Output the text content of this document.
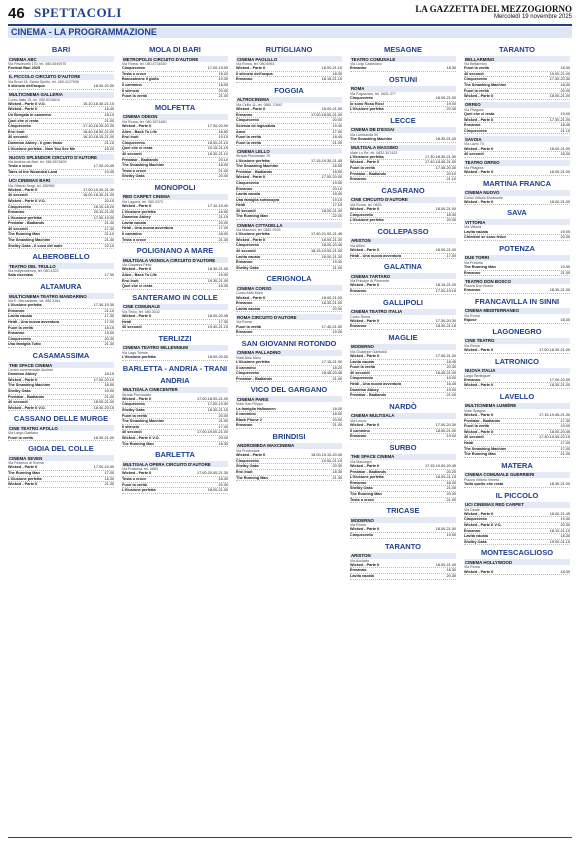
46 SPETTACOLI	LA GAZZETTA DEL MEZZOGIORNO
Mercoledì 19 novembre 2025
CINEMA - LA PROGRAMMAZIONE
BARI
CINEMA ABC
Via Pavoncelli 170, tel. 080.5540975
Festival Bari 2025
IL PICCOLO CIRCUITO D'AUTORE
Via Bruni 18, Santo Spirito, tel. 080.4127698
Il silenzio dell'acqua	18.00-20.30
MULTICINEMA GALLERIA
Corso Italia 15, tel. 080.5216610
Wicked - Parte II V.O.	15.10-18.30-21.15
Wicked - Parte II	16.40
Un Bengala in cammino	18.10
Quel che ci resta	21.00
Cinquecento	17.10-18.25-20.30
Eroi Inuit	18.40-18.50-21.00
40 secondi	16.10-18.15-21.00
Downton Abbey - Il gran finale	21.15
L'illusione perfetta - Now You See Me	18.20
NUOVO SPLENDOR CIRCUITO D'AUTORE
Via Andrea da Bari, tel. 080.5576600
Testa o croce	17.00-20.45
Tales of the Wounded Land	19.45
UCI CINEMAS BARI
Via Ottavio Sergi, tel. 892960
Wicked - Parte II	17.00-19.20-21.30
40 secondi	16.00-18.30-21.00
Wicked - Parte II V.O.	20.10
Cinquecento	16.10-18.20
Ermanno	20.10-21.00
L'illusione perfetta	17.00-19.30
Predator - Badlands	21.40
40 secondi	17.30
The Running Man	21.10
The Smashing Machine	21.40
Shelby Oaks - Il covo del male	22.10
ALBEROBELLO
TEATRO DEL TRULLO
Via Indipendenza, tel. 080.4323
Sala riservata	17.30
ALTAMURA
MULTICINEMA TEATRO MANDARINO
Via E. Mercadante, tel. 080.3164
L'illusione perfetta	17.30-19.30
Ermanno	21.10
Lavita vacata	17.30
Heidi - Una nuova avventura	17.00
Fuori la verità	18.15
Ermanno	19.00
Cinquecento	20.30
Una famiglia Tutto	21.30
CASAMASSIMA
THE SPACE CINEMA
Centro commerciale Auchan
Downton Abbey	18.15
Wicked - Parte II	17.00-20.10
The Smashing Machine	18.50
Shelby Oaks	19.00
Predator - Badlands	21.00
40 secondi	18.00-21.00
Wicked - Parte II V.O.	18.40-20.15
CASSANO DELLE MURGE
CINE TEATRO APOLLO
Via Largo Gaetano
Fuori la verità	18.30-21.00
GIOIA DEL COLLE
CINEMA SEVEN
Via Federico di Svevia
Wicked - Parte II	17.00-19.30
The Running Man	17.00
L'illusione perfetta	18.30
Wicked - Parte II	21.30
MOLA DI BARI
METROPOLIS CIRCUITO D'AUTORE
Via Roma, tel. 080.4734530
Cinquecento	17.00-19.00
Testa o croce	18.20
Brancaleone il giallo	19.30
Il cammino	18.00
Il silenzio	20.00
Fuori la verità	21.00
MOLFETTA
CINEMA ODEON
Via Roma, tel. 080.3974460
Wicked - Parte II	17.00-20.00
Alien - Back To Life	18.50
Eroi Inuit	19.10
Cinquecento	18.00-21.10
Quel che ci resta	19.15-21.15
40 secondi	16.30-21.10
Predator - Badlands	20.10
The Smashing Machine	18.00
Testa o croce	21.00
Shelby Oaks	20.40
MONOPOLI
RED CARPET CINEMA
Via Lagorio, tel. 080.9373
Wicked - Parte II	17.10-19.40
L'illusione perfetta	18.50
Downton Abbey	21.15
Lavita vacata	20.00
Heidi - Una nuova avventura	17.00
Il cammino	18.00
Testa o croce	21.30
POLIGNANO A MARE
MULTISALA VIGNOLA CIRCUITO D'AUTORE
Via Giovanni Pinto
Wicked - Parte II	18.30-21.00
Alien - Back To Life	19.00
Eroi Inuit	19.30-21.00
Quel che ci resta	18.30
SANTERAMO IN COLLE
CINE COMUNALE
Via Tirolo, tel. 080.3032
Wicked - Parte II	18.00-20.45
Heidi	17.30
40 secondi	19.40-21.15
TERLIZZI
CINEMA TEATRO MILLENNIUM
Via Lago Trieste
L'illusione perfetta	18.00-20.30
BARLETTA - ANDRIA - TRANI
ANDRIA
MULTISALA CINECENTER
Strada Provinciale
Wicked - Parte II	17.00-18.00-21.00
Cinquecento	17.00-19.30
Shelby Oaks	18.30-21.15
Fuori la verità	20.00
The Smashing Machine	21.00
Il silenzio	17.40
40 secondi	17.00-19.00-21.00
Wicked - Parte II V.O.	20.00
The Running Man	18.30
BARLETTA
MULTISALA OPERA CIRCUITO D'AUTORE
Via Prascina, tel. 0883
Wicked - Parte II	17.00-20.00-21.30
Testa o croce	18.30
Fuori la verità	20.30
L'illusione perfetta	18.00-21.00
RUTIGLIANO
CINEMA PAOLILLO
Via Roma, tel. 080.6951
Wicked - Parte II	18.00-21.15
Il silenzio dell'acqua	18.30
Ermanno	18.15-21.15
FOGGIA
ALTROCINEMA
Via Cirillo 11, tel. 0881.70847
Wicked - Parte II	18.00-21.00
Ermanno	17.00-18.00-21.00
Cinquecento	20.00
Scienza ed ingiustizia	19.40
Amoi	17.00
Fuori la verità	18.45
Fuori la verità	21.00
CINEMA LELLO
Strada Provinciale 70
L'illusione perfetta	17.15-19.30-21.45
The Smashing Machine	16.55
Predator - Badlands	18.50
Wicked - Parte II	17.00-20.00
Cinquecento	19.50
Ermanno	20.10
Lavita vacata	18.40
Una famiglia sottosopra	19.15
Heidi	17.15
40 secondi	18.00-21.30
The Running Man	22.00
CINEMA CITTADELLA
Via Manzoni, tel. 0881.9325
L'illusione perfetta	17.40-21.00-21.45
Wicked - Parte II	18.00-21.30
Cinquecento	18.20-20.45
40 secondi	18.15-19.00-21.30
Lavita vacata	18.00-21.30
Ermanno	19.30
Shelby Oaks	21.00
CERIGNOLA
CINEMA CORSO
Corso Aldo Moro
Wicked - Parte II	18.00-21.00
Ermanno	18.30-21.00
Lavita vacata	20.30
ROMA CIRCUITO D'AUTORE
Via Roma
Fuori la verità	17.40-21.50
Ermanno	19.30
SAN GIOVANNI ROTONDO
CINEMA PALLADINO
Viale Aldo Moro
L'illusione perfetta	17.15-21.00
Il cammino	18.20
Cinquecento	18.45-20.45
Predator - Badlands	21.00
VICO DEL GARGANO
CINEMA PARIS
Viale San Filippo
La famiglia Halloween	18.00
Il cammino	18.00
Black Phone 2	20.00
Ermanno	21.00
BRINDISI
ANDROMEDA MAXCINEMA
Via Provinciale
Wicked - Parte II	18.00-19.10-20.40
Cinquecento	19.00-21.15
Shelby Oaks	20.30
Eroi Inuit	18.30
The Running Man	21.30
MESAGNE
TEATRO COMUNALE
Via Luigi Castellano
Ermanno	18.30
OSTUNI
ROMA
Via Fogazzaro, tel. 0831.377
Cinquecento	18.00-21.00
Io sono Rosa Ricci	19.00
L'illusione perfetta	20.30
LECCE
CINEMA DB D'ESSAI
Via Lombardia 50
The Smashing Machine	18.30-21.00
MULTISALA MASSIMO
Viale Lo Re, tel. 0832.307433
L'illusione perfetta	17.30-18.30-21.30
Wicked - Parte II	17.40-18.40-21.00
Fuori la verità	17.45-20.30
Predator - Badlands	20.10
Ermanno	21.10
CASARANO
CINE CIRCUITO D'AUTORE
Via Roma, tel. 0833
Wicked - Parte II	18.00-21.00
Cinquecento	18.30
L'illusione perfetta	20.30
COLLEPASSO
ARISTON
Via Alfieri
Wicked - Parte II	18.00-21.00
Heidi - Una nuova avventura	17.00
GALATINA
CINEMA TARTARO
Via Principe di Piemonte
Wicked - Parte II	18.15-21.00
Ermanno	17.00-19.15
GALLIPOLI
CINEMA TEATRO ITALIA
Corso Roma
Wicked - Parte II	17.30-20.30
Ermanno	18.30-21.15
MAGLIE
MODERNO
Via Giuseppe Garibaldi
Wicked - Parte II	17.00-21.30
Lavita vacata	18.45
Fuori la verità	20.30
40 secondi	16.45-21.00
Cinquecento	19.00
Heidi - Una nuova avventura	16.45
Downton Abbey	19.00
Predator - Badlands	21.00
NARDÒ
CINEMA MULTISALA
Via Leuca
Wicked - Parte II	17.00-20.30
Il cammino	18.00-21.00
Ermanno	19.00
SURBO
THE SPACE CINEMA
Via Mascagni
Wicked - Parte II	17.15-19.00-20.45
Predator - Badlands	20.20
L'illusione perfetta	18.00-21.15
Ermanno	18.30
Shelby Oaks	21.00
The Running Man	20.30
Testa o croce	21.00
TRICASE
MODERNO
Via Roma
Wicked - Parte II	18.00-21.00
Cinquecento	19.00
TARANTO
ARISTON
Via Acclavio
Wicked - Parte II	18.00-21.00
Ermanno	18.30
Lavita vacata	20.30
TARANTO
BELLARMINO
Via Bellarmino
Fuori la verità	18.30
40 secondi	19.00-21.00
Cinquecento	17.30-20.30
The Smashing Machine	18.30
Fuori la verità	20.00
Wicked - Parte II	18.00-21.00
ORFEO
Via Pitagora
Quel che ci resta	19.00
Wicked - Parte II	17.30-21.00
Ermanno	18.45
Cinquecento	21.10
SAVOIA
Via Lazio 70
Wicked - Parte II	18.00-21.00
40 secondi	18.30
TEATRO ORFEO
Via Pitagora
Wicked - Parte II	18.00-21.00
MARTINA FRANCA
CINEMA NUOVO
Corso Vittorio Emanuele
Wicked - Parte II	18.00-21.00
SAVA
VITTORIA
Via Vittoria
Lavita vacata	19.00
Chiedimi se sono felice	20.30
POTENZA
DUE TORRI
Via Pretoria
The Running Man	19.30
Ermanno	21.00
TEATRO DON BOSCO
Piazza Don Bosco
Ermanno	18.30-21.00
FRANCAVILLA IN SINNI
CINEMA MEDITERRANEO
Via Roma
Ripose	18.30
LAGONEGRO
CINE TEATRO
Via Roma
Wicked - Parte II	17.00-18.30-21.00
LATRONICO
NUOVA ITALIA
Largo Berlinguer
Ermanno	17.00-20.00
Wicked - Parte II	18.30-21.00
LAVELLO
MULTICINEMA LUMIÈRE
Viale Spagna
Wicked - Parte II	17.15-19.45-21.30
Predator - Badlands	17.30
Fuori la verità	19.00
Wicked - Parte II	18.00-20.45
40 secondi	17.30-19.45-22.15
Heidi	17.00
The Smashing Machine	17.00
The Running Man	21.00
MATERA
CINEMA COMUNALE GUERRIERI
Piazza Vittorio Veneto
Tutto quello che resta	18.30-21.00
IL PICCOLO
UCI CINEMAS RED CARPET
Via Dante
Wicked - Parte II	18.00-21.45
Cinquecento	19.30
Wicked - Parte II V.O.	20.30
Ermanno	18.10-21.10
Lavita vacata	18.30
Shelby Oaks	19.00-21.15
MONTESCAGLIOSO
CINEMA HOLLYWOOD
Via Roma
Wicked - Parte II	18.30
